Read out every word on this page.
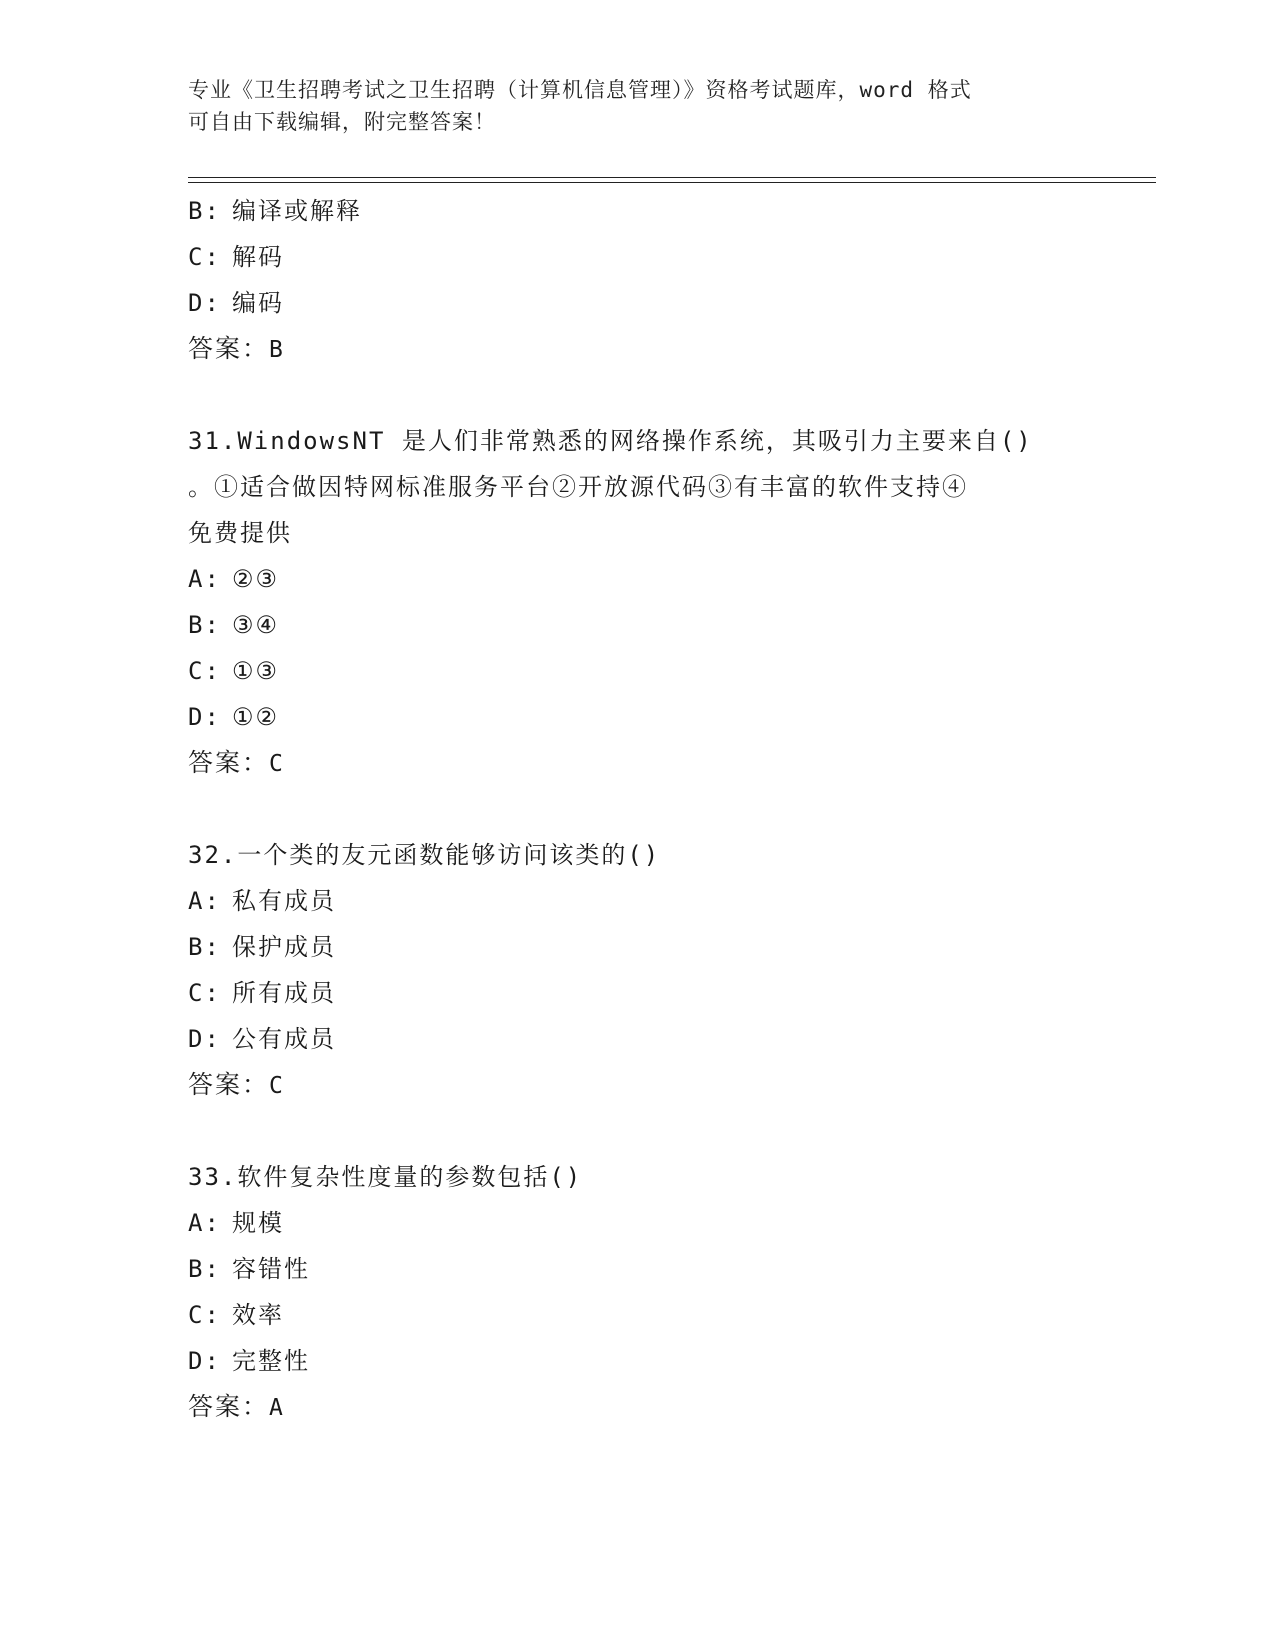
专业《卫生招聘考试之卫生招聘（计算机信息管理）》资格考试题库，word 格式
可自由下载编辑，附完整答案！
B: 编译或解释
C: 解码
D: 编码
答案：B
31.WindowsNT 是人们非常熟悉的网络操作系统，其吸引力主要来自()
。①适合做因特网标准服务平台②开放源代码③有丰富的软件支持④
免费提供
A: ②③
B: ③④
C: ①③
D: ①②
答案：C
32.一个类的友元函数能够访问该类的()
A: 私有成员
B: 保护成员
C: 所有成员
D: 公有成员
答案：C
33.软件复杂性度量的参数包括()
A: 规模
B: 容错性
C: 效率
D: 完整性
答案：A
